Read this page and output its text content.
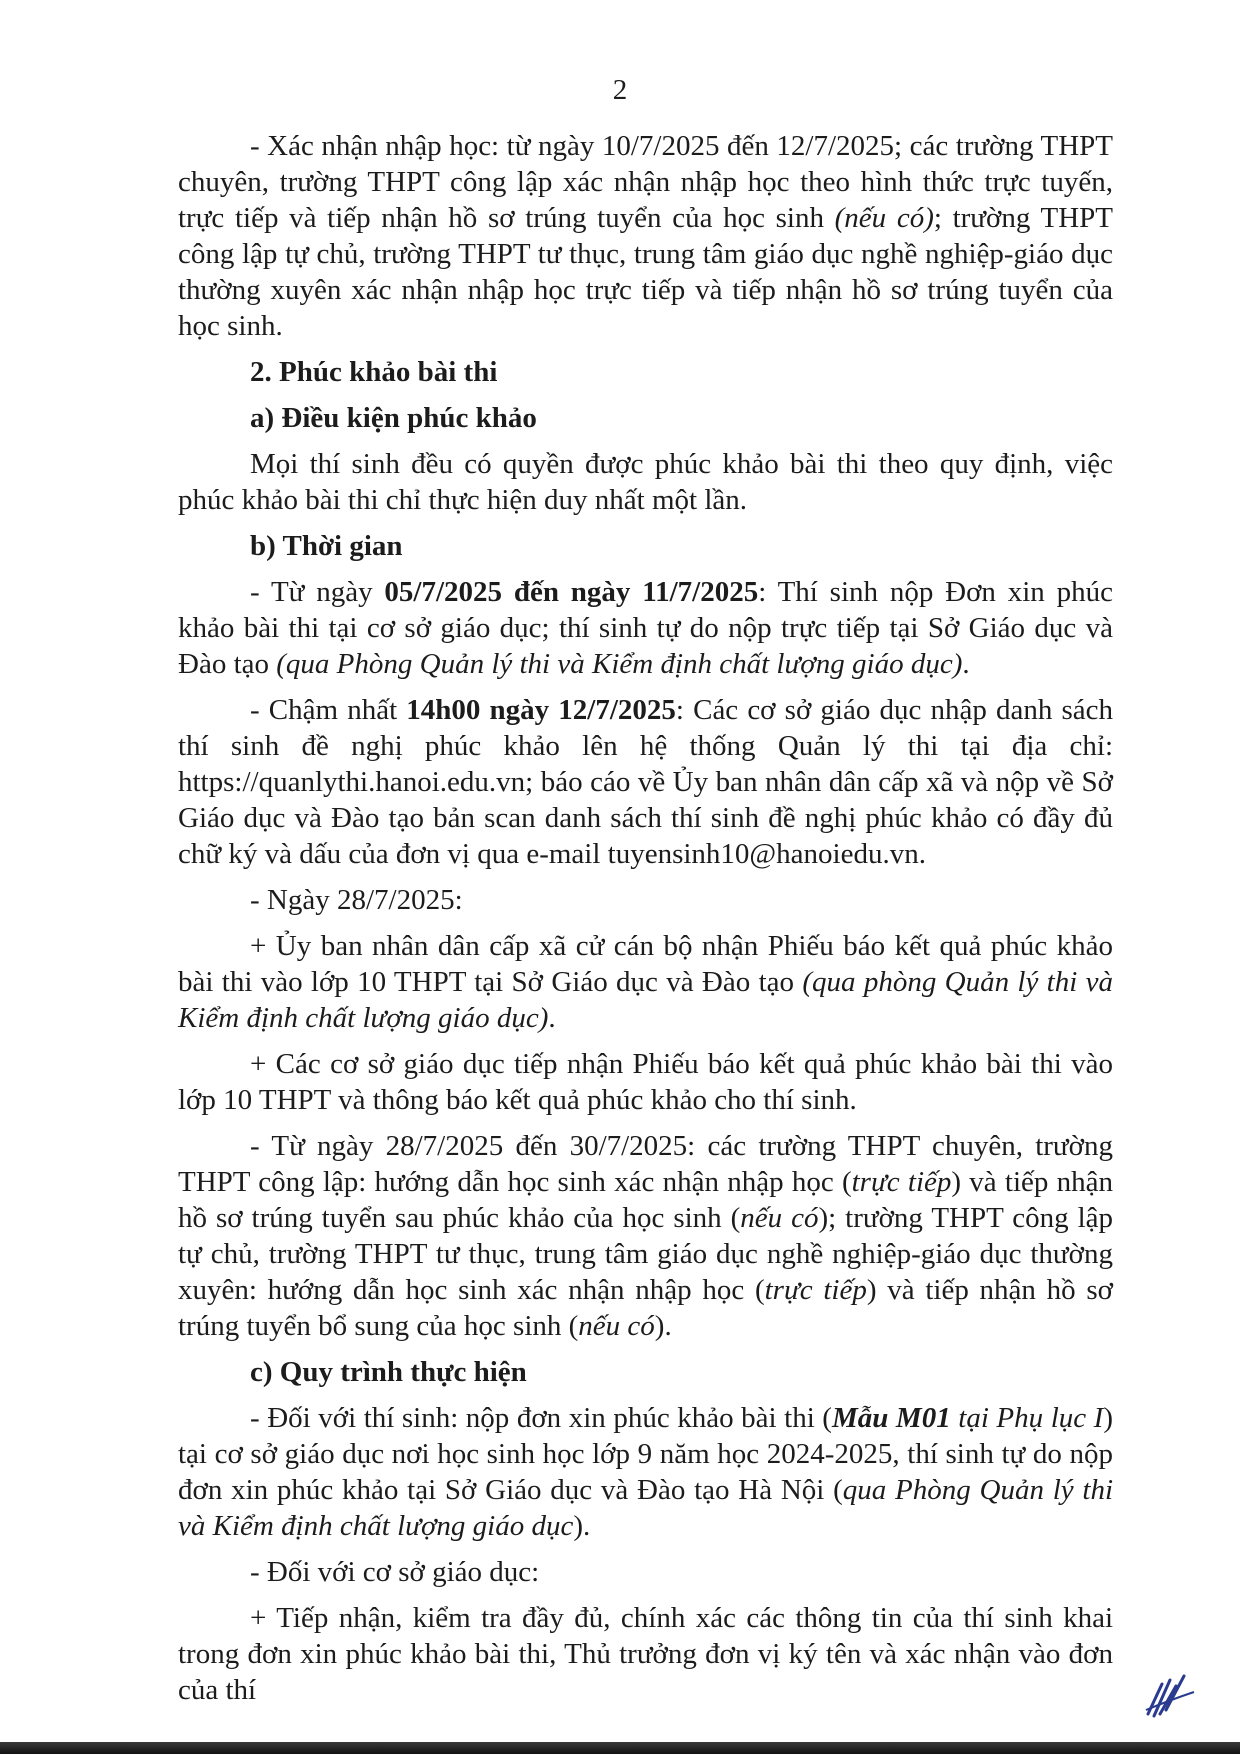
2

- Xác nhận nhập học: từ ngày 10/7/2025 đến 12/7/2025; các trường THPT chuyên, trường THPT công lập xác nhận nhập học theo hình thức trực tuyến, trực tiếp và tiếp nhận hồ sơ trúng tuyển của học sinh (nếu có); trường THPT công lập tự chủ, trường THPT tư thục, trung tâm giáo dục nghề nghiệp-giáo dục thường xuyên xác nhận nhập học trực tiếp và tiếp nhận hồ sơ trúng tuyển của học sinh.

2. Phúc khảo bài thi
a) Điều kiện phúc khảo

Mọi thí sinh đều có quyền được phúc khảo bài thi theo quy định, việc phúc khảo bài thi chỉ thực hiện duy nhất một lần.

b) Thời gian

- Từ ngày 05/7/2025 đến ngày 11/7/2025: Thí sinh nộp Đơn xin phúc khảo bài thi tại cơ sở giáo dục; thí sinh tự do nộp trực tiếp tại Sở Giáo dục và Đào tạo (qua Phòng Quản lý thi và Kiểm định chất lượng giáo dục).

- Chậm nhất 14h00 ngày 12/7/2025: Các cơ sở giáo dục nhập danh sách thí sinh đề nghị phúc khảo lên hệ thống Quản lý thi tại địa chỉ: https://quanlythi.hanoi.edu.vn; báo cáo về Ủy ban nhân dân cấp xã và nộp về Sở Giáo dục và Đào tạo bản scan danh sách thí sinh đề nghị phúc khảo có đầy đủ chữ ký và dấu của đơn vị qua e-mail tuyensinh10@hanoiedu.vn.

- Ngày 28/7/2025:

+ Ủy ban nhân dân cấp xã cử cán bộ nhận Phiếu báo kết quả phúc khảo bài thi vào lớp 10 THPT tại Sở Giáo dục và Đào tạo (qua phòng Quản lý thi và Kiểm định chất lượng giáo dục).

+ Các cơ sở giáo dục tiếp nhận Phiếu báo kết quả phúc khảo bài thi vào lớp 10 THPT và thông báo kết quả phúc khảo cho thí sinh.

- Từ ngày 28/7/2025 đến 30/7/2025: các trường THPT chuyên, trường THPT công lập: hướng dẫn học sinh xác nhận nhập học (trực tiếp) và tiếp nhận hồ sơ trúng tuyển sau phúc khảo của học sinh (nếu có); trường THPT công lập tự chủ, trường THPT tư thục, trung tâm giáo dục nghề nghiệp-giáo dục thường xuyên: hướng dẫn học sinh xác nhận nhập học (trực tiếp) và tiếp nhận hồ sơ trúng tuyển bổ sung của học sinh (nếu có).

c) Quy trình thực hiện

- Đối với thí sinh: nộp đơn xin phúc khảo bài thi (Mẫu M01 tại Phụ lục I) tại cơ sở giáo dục nơi học sinh học lớp 9 năm học 2024-2025, thí sinh tự do nộp đơn xin phúc khảo tại Sở Giáo dục và Đào tạo Hà Nội (qua Phòng Quản lý thi và Kiểm định chất lượng giáo dục).

- Đối với cơ sở giáo dục:

+ Tiếp nhận, kiểm tra đầy đủ, chính xác các thông tin của thí sinh khai trong đơn xin phúc khảo bài thi, Thủ trưởng đơn vị ký tên và xác nhận vào đơn của thí
